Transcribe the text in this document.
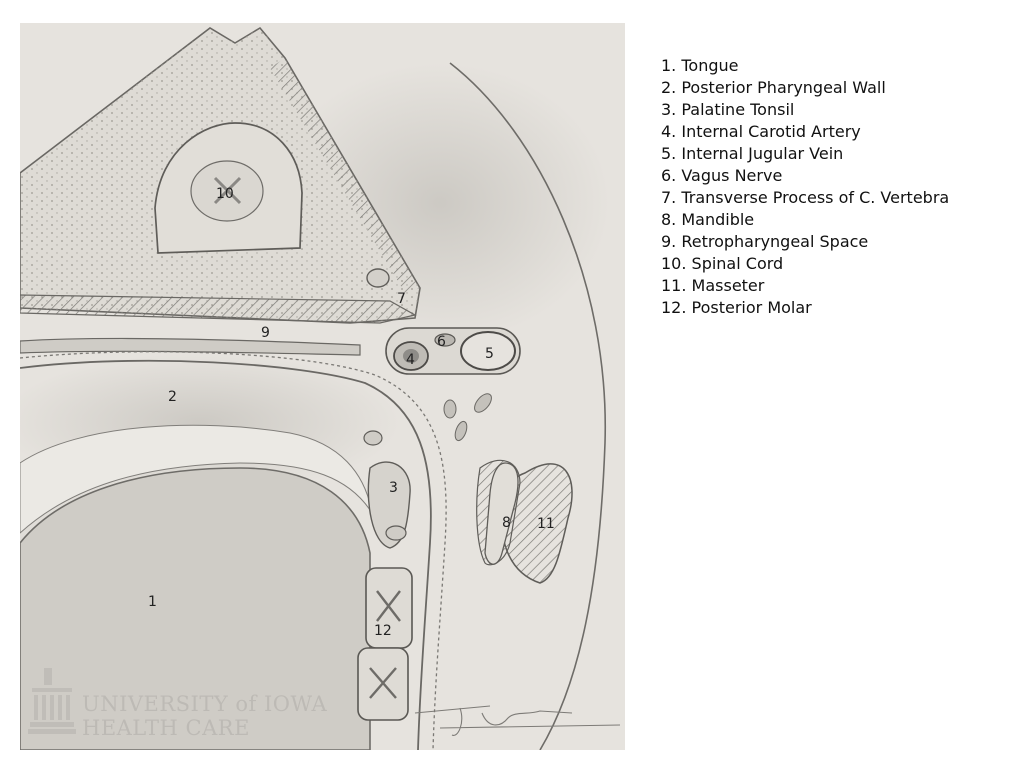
UNIVERSITY of IOWA
HEALTH CARE
1
2
3
4	5
6
7
8
9
10
11
12
1. Tongue
2. Posterior Pharyngeal Wall
3. Palatine Tonsil
4. Internal Carotid Artery
5. Internal Jugular Vein
6. Vagus Nerve
7. Transverse Process of C. Vertebra
8. Mandible
9. Retropharyngeal Space
10. Spinal Cord
11. Masseter
12. Posterior Molar
